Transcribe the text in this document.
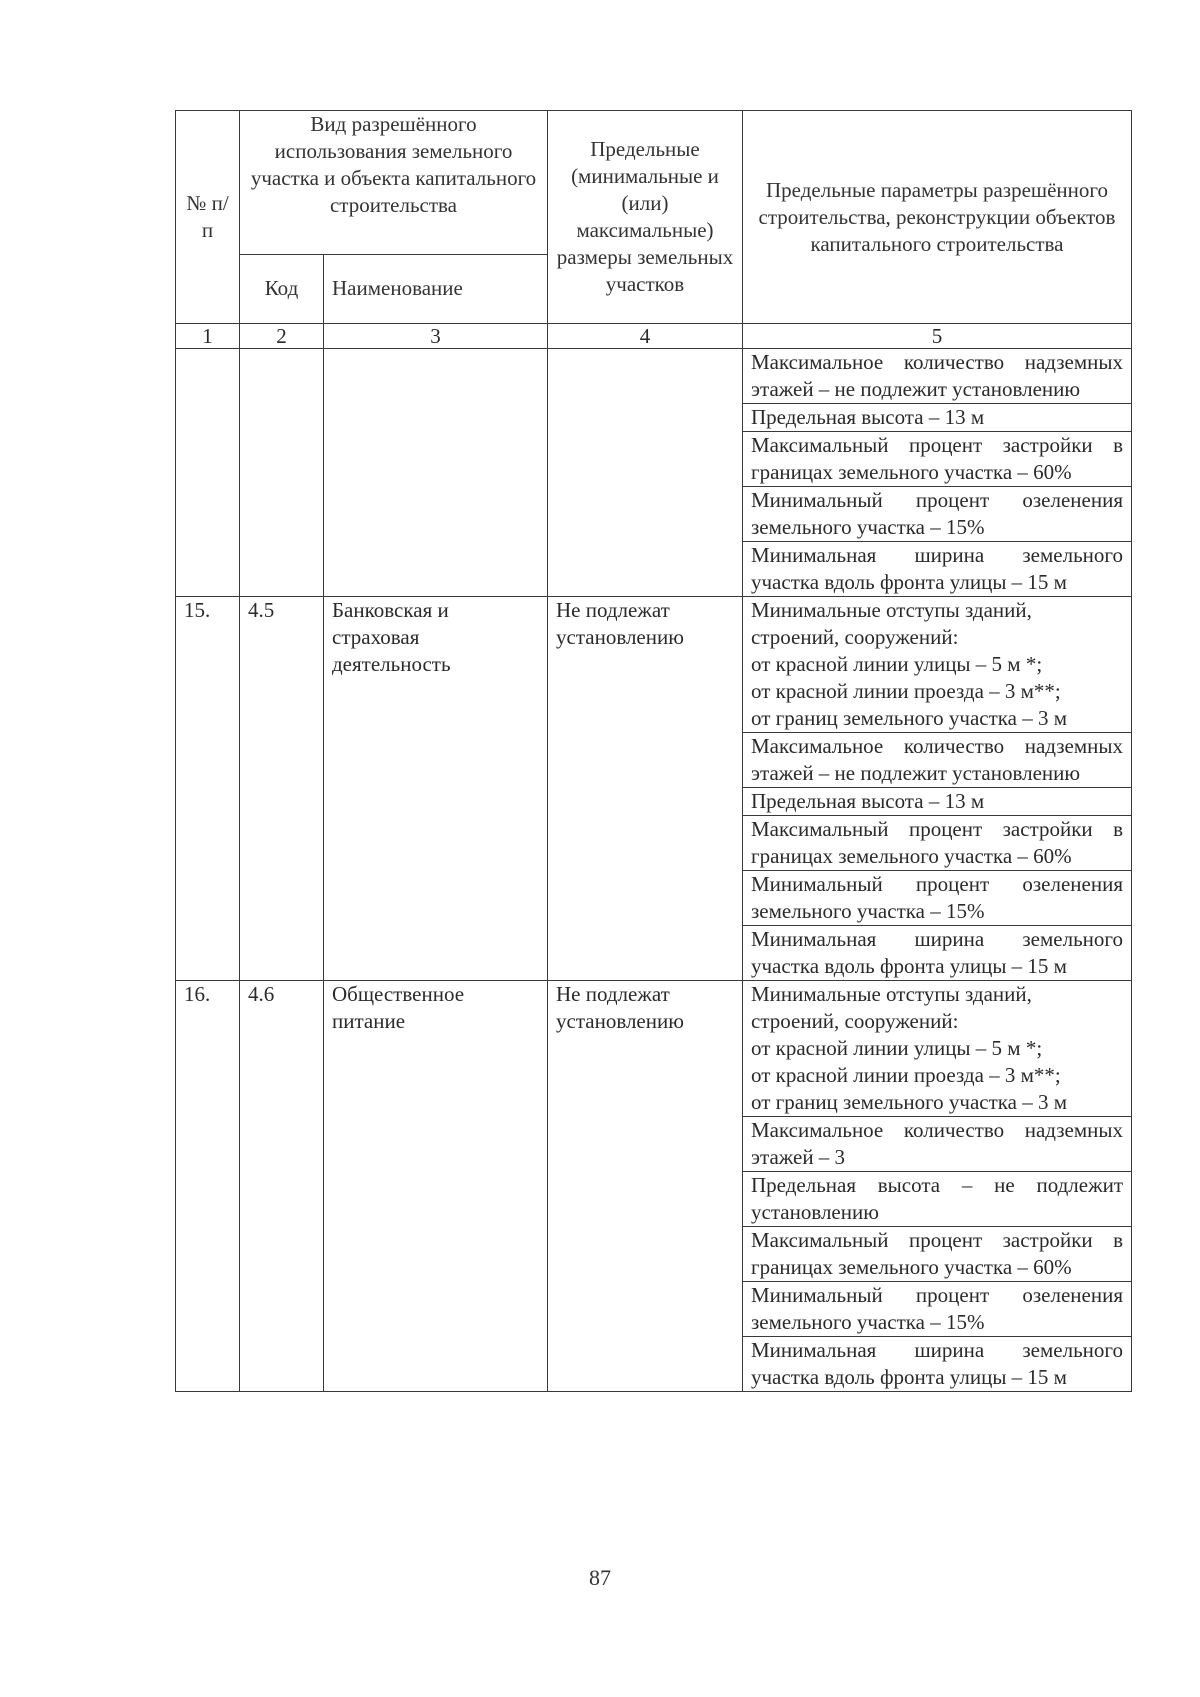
№ п/п	Вид разрешённого использования земельного участка и объекта капитального строительства		Предельные (минимальные и (или) максимальные) размеры земельных участков	Предельные параметры разрешённого строительства, реконструкции объектов капитального строительства
	Код	Наименование		
1	2	3	4	5
				Максимальное количество надземных этажей – не подлежит установлению
				Предельная высота – 13 м
				Максимальный процент застройки в границах земельного участка – 60%
				Минимальный процент озеленения земельного участка – 15%
				Минимальная ширина земельного участка вдоль фронта улицы – 15 м
15.	4.5	Банковская и страховая деятельность	Не подлежат установлению	Минимальные отступы зданий, строений, сооружений:
от красной линии улицы – 5 м *;
от красной линии проезда – 3 м**;
от границ земельного участка – 3 м

				Максимальное количество надземных этажей – не подлежит установлению
				Предельная высота – 13 м
				Максимальный процент застройки в границах земельного участка – 60%
				Минимальный процент озеленения земельного участка – 15%
				Минимальная ширина земельного участка вдоль фронта улицы – 15 м
16.	4.6	Общественное питание	Не подлежат установлению	Минимальные отступы зданий, строений, сооружений:
от красной линии улицы – 5 м *;
от красной линии проезда – 3 м**;
от границ земельного участка – 3 м

				Максимальное количество надземных этажей – 3
				Предельная высота – не подлежит установлению
				Максимальный процент застройки в границах земельного участка – 60%
				Минимальный процент озеленения земельного участка – 15%
				Минимальная ширина земельного участка вдоль фронта улицы – 15 м
87
